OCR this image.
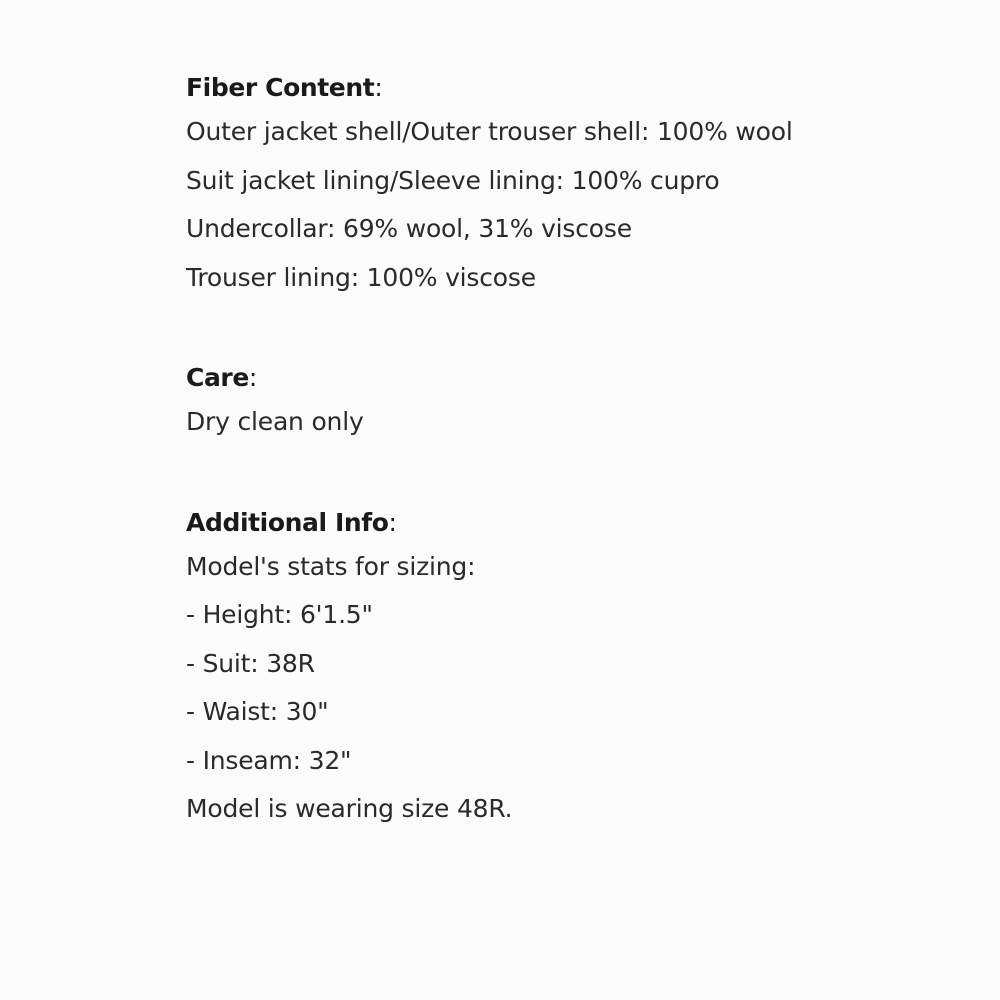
Fiber Content:
Outer jacket shell/Outer trouser shell: 100% wool
Suit jacket lining/Sleeve lining: 100% cupro
Undercollar: 69% wool, 31% viscose
Trouser lining: 100% viscose
Care:
Dry clean only
Additional Info:
Model's stats for sizing:
- Height: 6'1.5"
- Suit: 38R
- Waist: 30"
- Inseam: 32"
Model is wearing size 48R.
